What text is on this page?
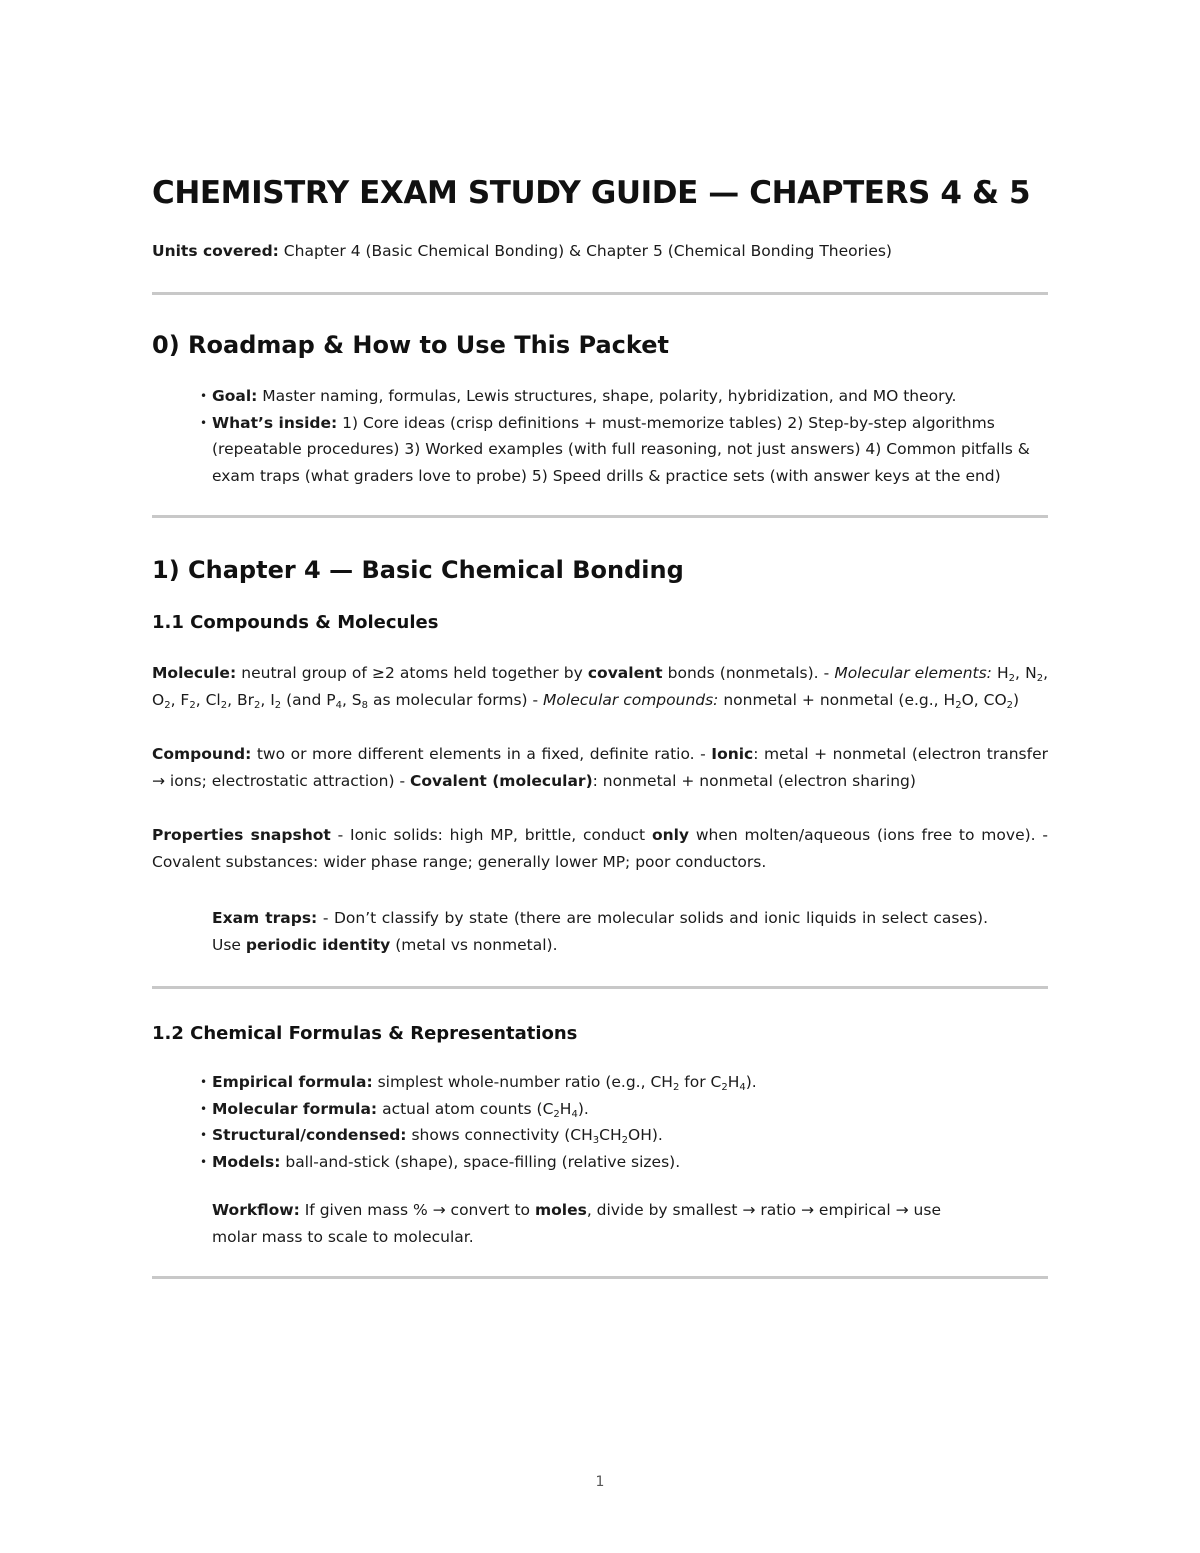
CHEMISTRY EXAM STUDY GUIDE — CHAPTERS 4 & 5

Units covered: Chapter 4 (Basic Chemical Bonding) & Chapter 5 (Chemical Bonding Theories)

0) Roadmap & How to Use This Packet
• Goal: Master naming, formulas, Lewis structures, shape, polarity, hybridization, and MO theory.
• What’s inside: 1) Core ideas (crisp definitions + must-memorize tables) 2) Step-by-step algorithms (repeatable procedures) 3) Worked examples (with full reasoning, not just answers) 4) Common pitfalls & exam traps (what graders love to probe) 5) Speed drills & practice sets (with answer keys at the end)
1) Chapter 4 — Basic Chemical Bonding
1.1 Compounds & Molecules

Molecule: neutral group of ≥2 atoms held together by covalent bonds (nonmetals). - Molecular elements: $H_2$, $N_2$, $O_2$, $F_2$, $Cl_2$, $Br_2$, $I_2$ (and $P_4$, $S_8$ as molecular forms) - Molecular compounds: nonmetal + nonmetal (e.g., $H_2O$, $CO_2$)

Compound: two or more different elements in a fixed, definite ratio. - Ionic: metal + nonmetal (electron transfer → ions; electrostatic attraction) - Covalent (molecular): nonmetal + nonmetal (electron sharing)

Properties snapshot - Ionic solids: high MP, brittle, conduct only when molten/aqueous (ions free to move). - Covalent substances: wider phase range; generally lower MP; poor conductors.

Exam traps: - Don’t classify by state (there are molecular solids and ionic liquids in select cases). Use periodic identity (metal vs nonmetal).

1.2 Chemical Formulas & Representations
• Empirical formula: simplest whole-number ratio (e.g., $CH_2$ for $C_2H_4$).
• Molecular formula: actual atom counts $(C_2H_4)$.
• Structural/condensed: shows connectivity $(CH_3CH_2OH)$.
• Models: ball-and-stick (shape), space-filling (relative sizes).

Workflow: If given mass % → convert to moles, divide by smallest → ratio → empirical → use molar mass to scale to molecular.

1
